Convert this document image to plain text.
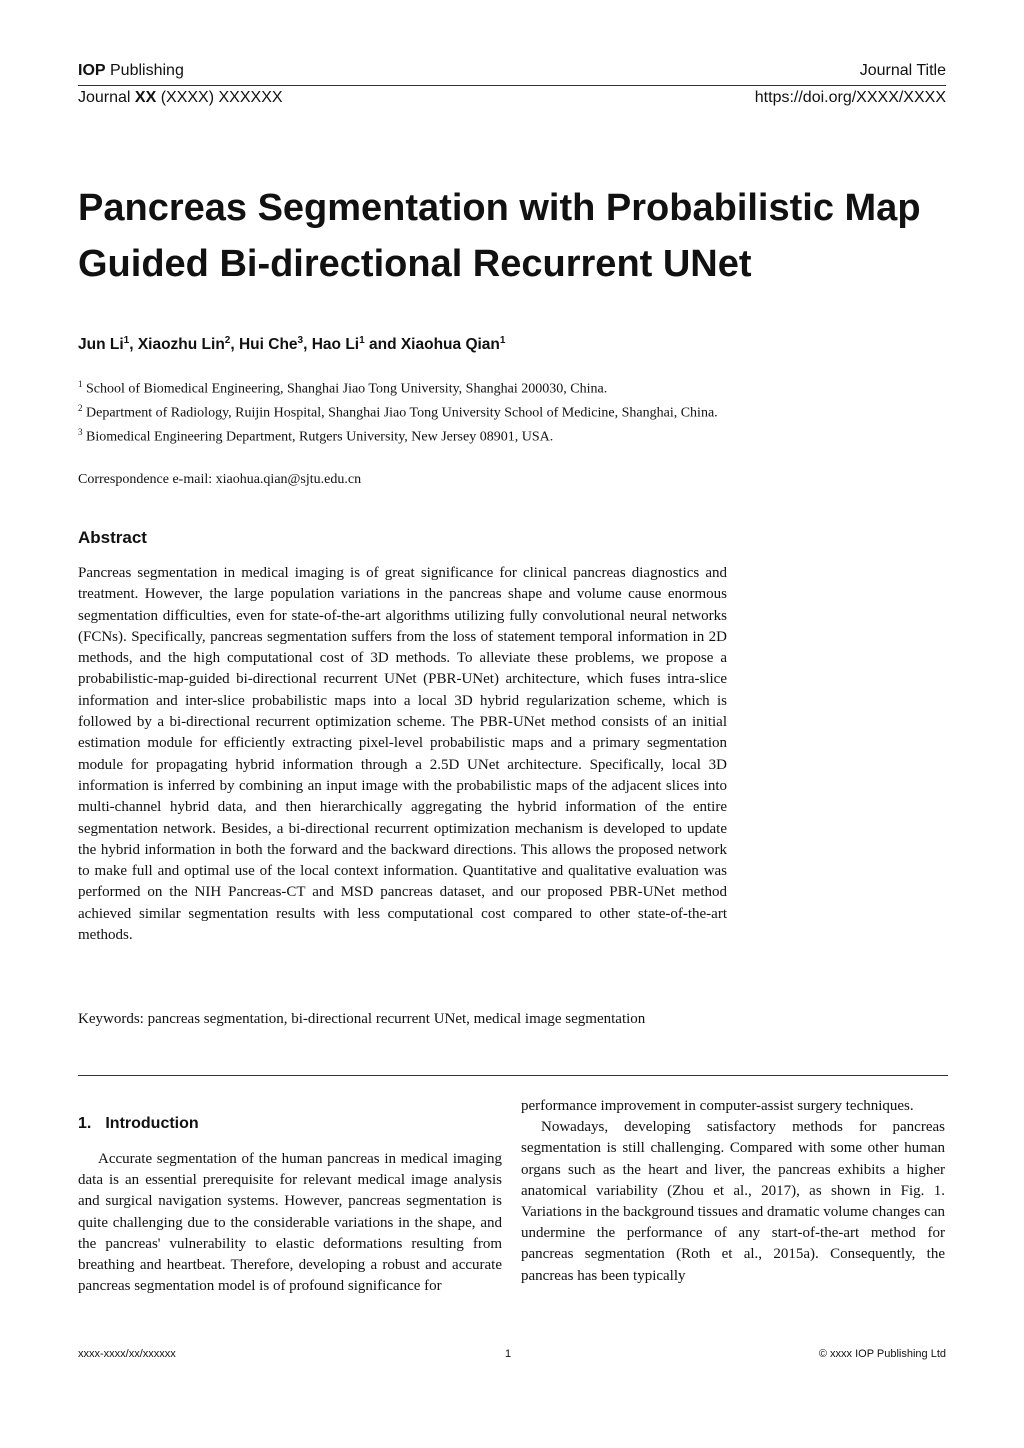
IOP Publishing	Journal Title
Journal XX (XXXX) XXXXXX	https://doi.org/XXXX/XXXX
Pancreas Segmentation with Probabilistic Map
Guided Bi-directional Recurrent UNet
Jun Li$^1$, Xiaozhu Lin$^2$, Hui Che$^3$, Hao Li$^1$ and Xiaohua Qian$^1$
$^1$ School of Biomedical Engineering, Shanghai Jiao Tong University, Shanghai 200030, China.
$^2$ Department of Radiology, Ruijin Hospital, Shanghai Jiao Tong University School of Medicine, Shanghai, China.
$^3$ Biomedical Engineering Department, Rutgers University, New Jersey 08901, USA.
Correspondence e-mail: xiaohua.qian@sjtu.edu.cn
Abstract

Pancreas segmentation in medical imaging is of great significance for clinical pancreas diagnostics and treatment. However, the large population variations in the pancreas shape and volume cause enormous segmentation difficulties, even for state-of-the-art algorithms utilizing fully convolutional neural networks (FCNs). Specifically, pancreas segmentation suffers from the loss of statement temporal information in 2D methods, and the high computational cost of 3D methods. To alleviate these problems, we propose a probabilistic-map-guided bi-directional recurrent UNet (PBR-UNet) architecture, which fuses intra-slice information and inter-slice probabilistic maps into a local 3D hybrid regularization scheme, which is followed by a bi-directional recurrent optimization scheme. The PBR-UNet method consists of an initial estimation module for efficiently extracting pixel-level probabilistic maps and a primary segmentation module for propagating hybrid information through a 2.5D UNet architecture. Specifically, local 3D information is inferred by combining an input image with the probabilistic maps of the adjacent slices into multi-channel hybrid data, and then hierarchically aggregating the hybrid information of the entire segmentation network. Besides, a bi-directional recurrent optimization mechanism is developed to update the hybrid information in both the forward and the backward directions. This allows the proposed network to make full and optimal use of the local context information. Quantitative and qualitative evaluation was performed on the NIH Pancreas-CT and MSD pancreas dataset, and our proposed PBR-UNet method achieved similar segmentation results with less computational cost compared to other state-of-the-art methods.

Keywords: pancreas segmentation, bi-directional recurrent UNet, medical image segmentation
1. Introduction

Accurate segmentation of the human pancreas in medical imaging data is an essential prerequisite for relevant medical image analysis and surgical navigation systems. However, pancreas segmentation is quite challenging due to the considerable variations in the shape, and the pancreas' vulnerability to elastic deformations resulting from breathing and heartbeat. Therefore, developing a robust and accurate pancreas segmentation model is of profound significance for

performance improvement in computer-assist surgery techniques.

Nowadays, developing satisfactory methods for pancreas segmentation is still challenging. Compared with some other human organs such as the heart and liver, the pancreas exhibits a higher anatomical variability (Zhou et al., 2017), as shown in Fig. 1. Variations in the background tissues and dramatic volume changes can undermine the performance of any start-of-the-art method for pancreas segmentation (Roth et al., 2015a). Consequently, the pancreas has been typically

xxxx-xxxx/xx/xxxxxx	1	© xxxx IOP Publishing Ltd
